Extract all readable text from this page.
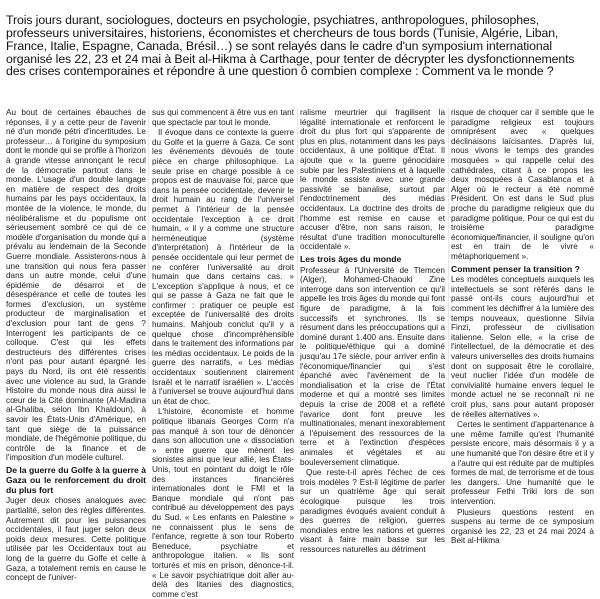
Trois jours durant, sociologues, docteurs en psychologie, psychiatres, anthropologues, philosophes, professeurs universitaires, historiens, économistes et chercheurs de tous bords (Tunisie, Algérie, Liban, France, Italie, Espagne, Canada, Brésil…) se sont relayés dans le cadre d'un symposium international organisé les 22, 23 et 24 mai à Beit al-Hikma à Carthage, pour tenter de décrypter les dysfonctionnements des crises contemporaines et répondre à une question ô combien complexe : Comment va le monde ?

Au bout de certaines ébauches de réponses, il y a cette peur de l'avenir né d'un monde pétri d'incertitudes. Le professeur… à l'origine du symposium dont le monde qui se profile à l'horizon à grande vitesse annonçant le recul de la démocratie partout dans le monde. L'usage d'un double langage en matière de respect des droits humains par les pays occidentaux, la montée de la violence, le monde, du néolibéralisme et du populisme ont sérieusement sombré ce qui de ce modèle d'organisation du monde qui a prévalu au lendemain de la Seconde Guerre mondiale. Assisterons-nous à une transition qui nous fera passer dans un autre monde, celui d'une épidémie de désarroi et de désespérance et celle de toutes les formes d'exclusion, un système producteur de marginalisation et d'exclusion pour tant de gens ? Interrogent les participants de ce colloque. C'est qui les effets destructeurs des différentes crises n'ont pas pour autant épargné les pays du Nord, ils ont été ressentis avec une violence au sud, la Grande Histoire du monde nous dira aussi le cœur de la Cité dominante (Al-Madina al-Ghaliba, selon Ibn Khaldoun), à savoir les États-Unis d'Amérique, en tant que siège de la puissance mondiale, de l'hégémonie politique, du contrôle de la finance et de l'imposition d'un modèle culturel.

De la guerre du Golfe à la guerre à Gaza ou le renforcement du droit du plus fort

Juger deux choses analogues avec partialité, selon des règles différentes. Autrement dit pour les puissances occidentales, il faut juger selon deux poids deux mesures. Cette politique utilisée par les Occidentaux tout au long de la guerre du Golfe et celle à Gaza, a totalement remis en cause le concept de l'univer-

sus qui commencent à être vus en tant que spectacle par tout le monde.

Il évoque dans ce contexte la guerre du Golfe et la guerre à Gaza. Ce sont les événements dévoués de toute pièce en charge philosophique. La seule prise en charge possible à ce propos est de mauvaise foi, parce que dans la pensée occidentale, devenir le droit humain au rang de l'universel permet à l'intérieur de la pensée occidentale l'exception à ce droit humain, « il y a comme une structure herméneutique (système d'interprétation) à l'intérieur de la pensée occidentale qui leur permet de ne conférer l'universalité au droit humain que dans certains cas. » L'exception s'applique à nous, et ce qui se passe à Gaza ne fait que le confirmer : pratiquer ce peuple est exceptée de l'universalité des droits humains. Mahjoub conclut qu'il y a quelque chose d'incompréhensible dans le traitement des informations par les médias occidentaux. Le poids de la guerre des narratifs, « Les médias occidentaux soutiennent clairement Israël et le narratif israélien ». L'accès à l'universel se trouve aujourd'hui dans un état de choc.

L'histoire, économiste et homme politique libanais Georges Corm n'a pas manqué à son tour de dénoncer dans son allocution une « dissociation » entre guerre que mènent les sionistes ainsi que leur allié, les États-Unis, tout en pointant du doigt le rôle des instances financières internationales dont le FMI et la Banque mondiale qui n'ont pas contribué au développement des pays du Sud. « Les enfants en Palestine » ne connaissent plus le sens de l'enfance, regrette à son tour Roberto Beneduce, psychiatre et anthropologue italien. « Ils sont torturés et mis en prison, dénonce-t-il. « Le savoir psychiatrique doit aller au-delà des litanies des diagnostics, comme c'est

ralisme meurtrier qui fragilisent la légalité internationale et renforcent le droit du plus fort qui s'apparente de plus en plus, notamment dans les pays occidentaux, à une politique d'État. Il ajoute que « la guerre génocidaire subie par les Palestiniens et à laquelle le monde assiste avec une grande passivité se banalise, surtout par l'endoctrinement des médias occidentaux. La doctrine des droits de l'homme est remise en cause et accuser d'être, non sans raison, le résultat d'une tradition monoculturelle occidentale ».

Les trois âges du monde

Professeur à l'Université de Tlemcen (Alger), Mohamed-Chaouki Zine interroge dans son intervention ce qu'il appelle les trois âges du monde qui font figure de paradigme, à la fois successifs et synchrones. Ils se résument dans les préoccupations qui a dominé durant 1.400 ans. Ensuite dans le politique/éthique qui a dominé jusqu'au 17e siècle, pour arriver enfin à l'économique/financier qui s'est épanché avec l'avènement de la mondialisation et la crise de l'État moderne et qui a montré ses limites depuis la crise de 2008 et a reflété l'avarice dont font preuve les multinationales, menant inexorablement à l'épuisement des ressources de la terre et à l'extinction d'espèces animales et végétales et au bouleversement climatique.

Que reste-t-il après l'échec de ces trois modèles ? Est-il légitime de parler sur un quatrième âge qui serait écologique puisque les trois paradigmes évoqués avaient conduit à des guerres de religion, guerres mondiales entre les nations et guerres visant à faire main basse sur les ressources naturelles au détriment

risque de choquer car il semble que le paradigme religieux est toujours omniprésent avec « quelques déclinaisons laïcisantes. D'après lui, nous vivons le temps des grandes mosquées » qui rappelle celui des cathédrales, citant à ce propos les deux mosquées à Casablanca et à Alger où le recteur a été nommé Président. On est dans le Sud plus proche du paradigme religieux que du paradigme politique. Pour ce qui est du troisième paradigme économique/financier, il souligne qu'on est en train de le vivre « métaphoriquement ».

Comment penser la transition ?

Les modèles conceptuels auxquels les intellectuels se sont référés dans le passé ont-ils cours aujourd'hui et comment les déchiffrer à la lumière des temps nouveaux, questionne Silvia Finzi, professeur de civilisation italienne. Selon elle, « la crise de l'intellectuel, de la démocratie et des valeurs universelles des droits humains dont on supposait être le corollaire, veut nuclier l'idée d'un modèle de convivialité humaine envers lequel le monde actuel ne se reconnaît ni ne croit plus, sans pour autant proposer de réelles alternatives ».

Certes le sentiment d'appartenance à une même famille qu'est l'humanité persiste encore, mais désormais il y a une humanité que l'on désire être et il y a l'autre qui est réduite par de multiples formes de mal, de terrorisme et de tous les dangers. Une humanité que le professeur Fethi Triki lors de son intervention.

Plusieurs questions restent en suspens au terme de ce symposium organisé les 22, 23 et 24 mai 2024 à Beit al-Hikma
